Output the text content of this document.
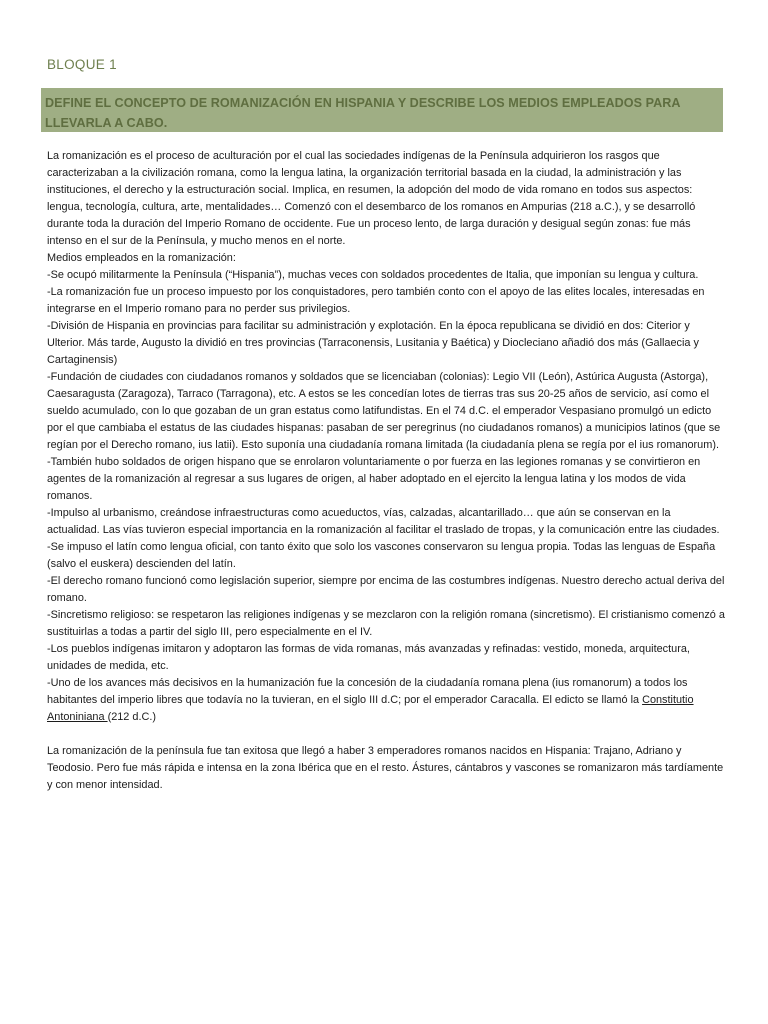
BLOQUE 1
DEFINE EL CONCEPTO DE ROMANIZACIÓN EN HISPANIA Y DESCRIBE LOS MEDIOS EMPLEADOS PARA LLEVARLA A CABO.

La romanización es el proceso de aculturación por el cual las sociedades indígenas de la Península adquirieron los rasgos que caracterizaban a la civilización romana, como la lengua latina, la organización territorial basada en la ciudad, la administración y las instituciones, el derecho y la estructuración social. Implica, en resumen, la adopción del modo de vida romano en todos sus aspectos: lengua, tecnología, cultura, arte, mentalidades… Comenzó con el desembarco de los romanos en Ampurias (218 a.C.), y se desarrolló durante toda la duración del Imperio Romano de occidente. Fue un proceso lento, de larga duración y desigual según zonas: fue más intenso en el sur de la Península, y mucho menos en el norte.

Medios empleados en la romanización:

-Se ocupó militarmente la Península (“Hispania”), muchas veces con soldados procedentes de Italia, que imponían su lengua y cultura.

-La romanización fue un proceso impuesto por los conquistadores, pero también conto con el apoyo de las elites locales, interesadas en integrarse en el Imperio romano para no perder sus privilegios.

-División de Hispania en provincias para facilitar su administración y explotación. En la época republicana se dividió en dos: Citerior y Ulterior. Más tarde, Augusto la dividió en tres provincias (Tarraconensis, Lusitania y Baética) y Diocleciano añadió dos más (Gallaecia y Cartaginensis)

-Fundación de ciudades con ciudadanos romanos y soldados que se licenciaban (colonias): Legio VII (León), Astúrica Augusta (Astorga), Caesaragusta (Zaragoza), Tarraco (Tarragona), etc. A estos se les concedían lotes de tierras tras sus 20-25 años de servicio, así como el sueldo acumulado, con lo que gozaban de un gran estatus como latifundistas. En el 74 d.C. el emperador Vespasiano promulgó un edicto por el que cambiaba el estatus de las ciudades hispanas: pasaban de ser peregrinus (no ciudadanos romanos) a municipios latinos (que se regían por el Derecho romano, ius latii). Esto suponía una ciudadanía romana limitada (la ciudadanía plena se regía por el ius romanorum).

-También hubo soldados de origen hispano que se enrolaron voluntariamente o por fuerza en las legiones romanas y se convirtieron en agentes de la romanización al regresar a sus lugares de origen, al haber adoptado en el ejercito la lengua latina y los modos de vida romanos.

-Impulso al urbanismo, creándose infraestructuras como acueductos, vías, calzadas, alcantarillado… que aún se conservan en la actualidad. Las vías tuvieron especial importancia en la romanización al facilitar el traslado de tropas, y la comunicación entre las ciudades.

-Se impuso el latín como lengua oficial, con tanto éxito que solo los vascones conservaron su lengua propia. Todas las lenguas de España (salvo el euskera) descienden del latín.

-El derecho romano funcionó como legislación superior, siempre por encima de las costumbres indígenas. Nuestro derecho actual deriva del romano.

-Sincretismo religioso: se respetaron las religiones indígenas y se mezclaron con la religión romana (sincretismo). El cristianismo comenzó a sustituirlas a todas a partir del siglo III, pero especialmente en el IV.

-Los pueblos indígenas imitaron y adoptaron las formas de vida romanas, más avanzadas y refinadas: vestido, moneda, arquitectura, unidades de medida, etc.

-Uno de los avances más decisivos en la humanización fue la concesión de la ciudadanía romana plena (ius romanorum) a todos los habitantes del imperio libres que todavía no la tuvieran, en el siglo III d.C; por el emperador Caracalla. El edicto se llamó la Constitutio Antoniniana (212 d.C.)

La romanización de la península fue tan exitosa que llegó a haber 3 emperadores romanos nacidos en Hispania: Trajano, Adriano y Teodosio. Pero fue más rápida e intensa en la zona Ibérica que en el resto. Ástures, cántabros y vascones se romanizaron más tardíamente y con menor intensidad.
